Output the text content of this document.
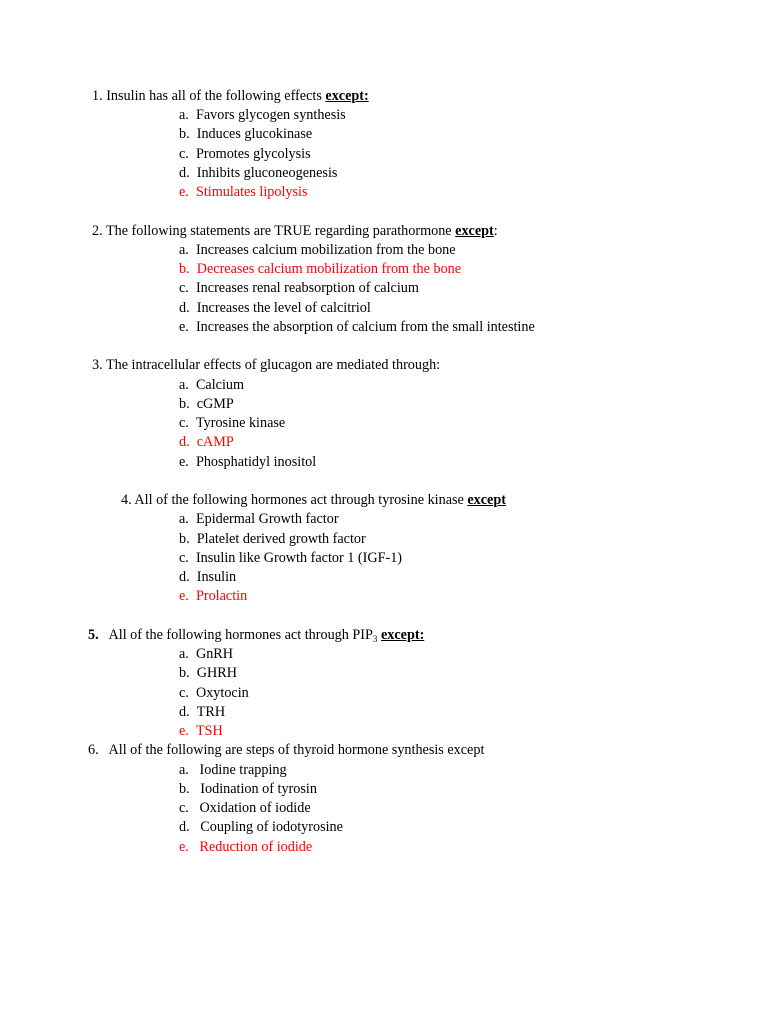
1. Insulin has all of the following effects except:
a. Favors glycogen synthesis
b. Induces glucokinase
c. Promotes glycolysis
d. Inhibits gluconeogenesis
e. Stimulates lipolysis
2. The following statements are TRUE regarding parathormone except:
a. Increases calcium mobilization from the bone
b. Decreases calcium mobilization from the bone
c. Increases renal reabsorption of calcium
d. Increases the level of calcitriol
e. Increases the absorption of calcium from the small intestine
3. The intracellular effects of glucagon are mediated through:
a. Calcium
b. cGMP
c. Tyrosine kinase
d. cAMP
e. Phosphatidyl inositol
4. All of the following hormones act through tyrosine kinase except
a. Epidermal Growth factor
b. Platelet derived growth factor
c. Insulin like Growth factor 1 (IGF-1)
d. Insulin
e. Prolactin
5. All of the following hormones act through $PIP_3$ except:
a. GnRH
b. GHRH
c. Oxytocin
d. TRH
e. TSH
6. All of the following are steps of thyroid hormone synthesis except
a. Iodine trapping
b. Iodination of tyrosin
c. Oxidation of iodide
d. Coupling of iodotyrosine
e. Reduction of iodide
